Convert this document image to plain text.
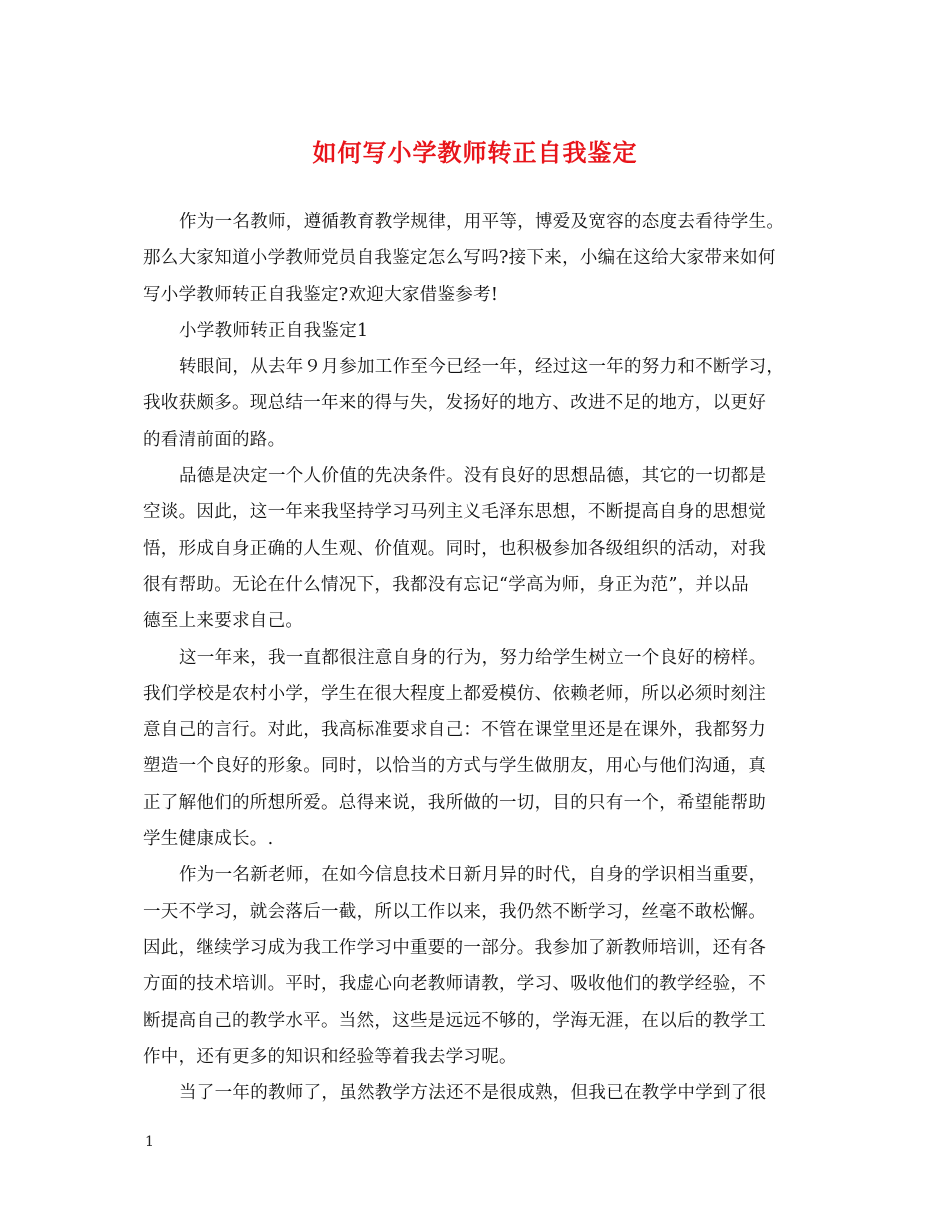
如何写小学教师转正自我鉴定
作为一名教师，遵循教育教学规律，用平等，博爱及宽容的态度去看待学生。
那么大家知道小学教师党员自我鉴定怎么写吗?接下来，小编在这给大家带来如何
写小学教师转正自我鉴定?欢迎大家借鉴参考!
小学教师转正自我鉴定1
转眼间，从去年９月参加工作至今已经一年，经过这一年的努力和不断学习，
我收获颇多。现总结一年来的得与失，发扬好的地方、改进不足的地方，以更好
的看清前面的路。
品德是决定一个人价值的先决条件。没有良好的思想品德，其它的一切都是
空谈。因此，这一年来我坚持学习马列主义毛泽东思想，不断提高自身的思想觉
悟，形成自身正确的人生观、价值观。同时，也积极参加各级组织的活动，对我
很有帮助。无论在什么情况下，我都没有忘记“学高为师，身正为范”，并以品
德至上来要求自己。
这一年来，我一直都很注意自身的行为，努力给学生树立一个良好的榜样。
我们学校是农村小学，学生在很大程度上都爱模仿、依赖老师，所以必须时刻注
意自己的言行。对此，我高标准要求自己：不管在课堂里还是在课外，我都努力
塑造一个良好的形象。同时，以恰当的方式与学生做朋友，用心与他们沟通，真
正了解他们的所想所爱。总得来说，我所做的一切，目的只有一个，希望能帮助
学生健康成长。.
作为一名新老师，在如今信息技术日新月异的时代，自身的学识相当重要，
一天不学习，就会落后一截，所以工作以来，我仍然不断学习，丝毫不敢松懈。
因此，继续学习成为我工作学习中重要的一部分。我参加了新教师培训，还有各
方面的技术培训。平时，我虚心向老教师请教，学习、吸收他们的教学经验，不
断提高自己的教学水平。当然，这些是远远不够的，学海无涯，在以后的教学工
作中，还有更多的知识和经验等着我去学习呢。
当了一年的教师了，虽然教学方法还不是很成熟，但我已在教学中学到了很
1
